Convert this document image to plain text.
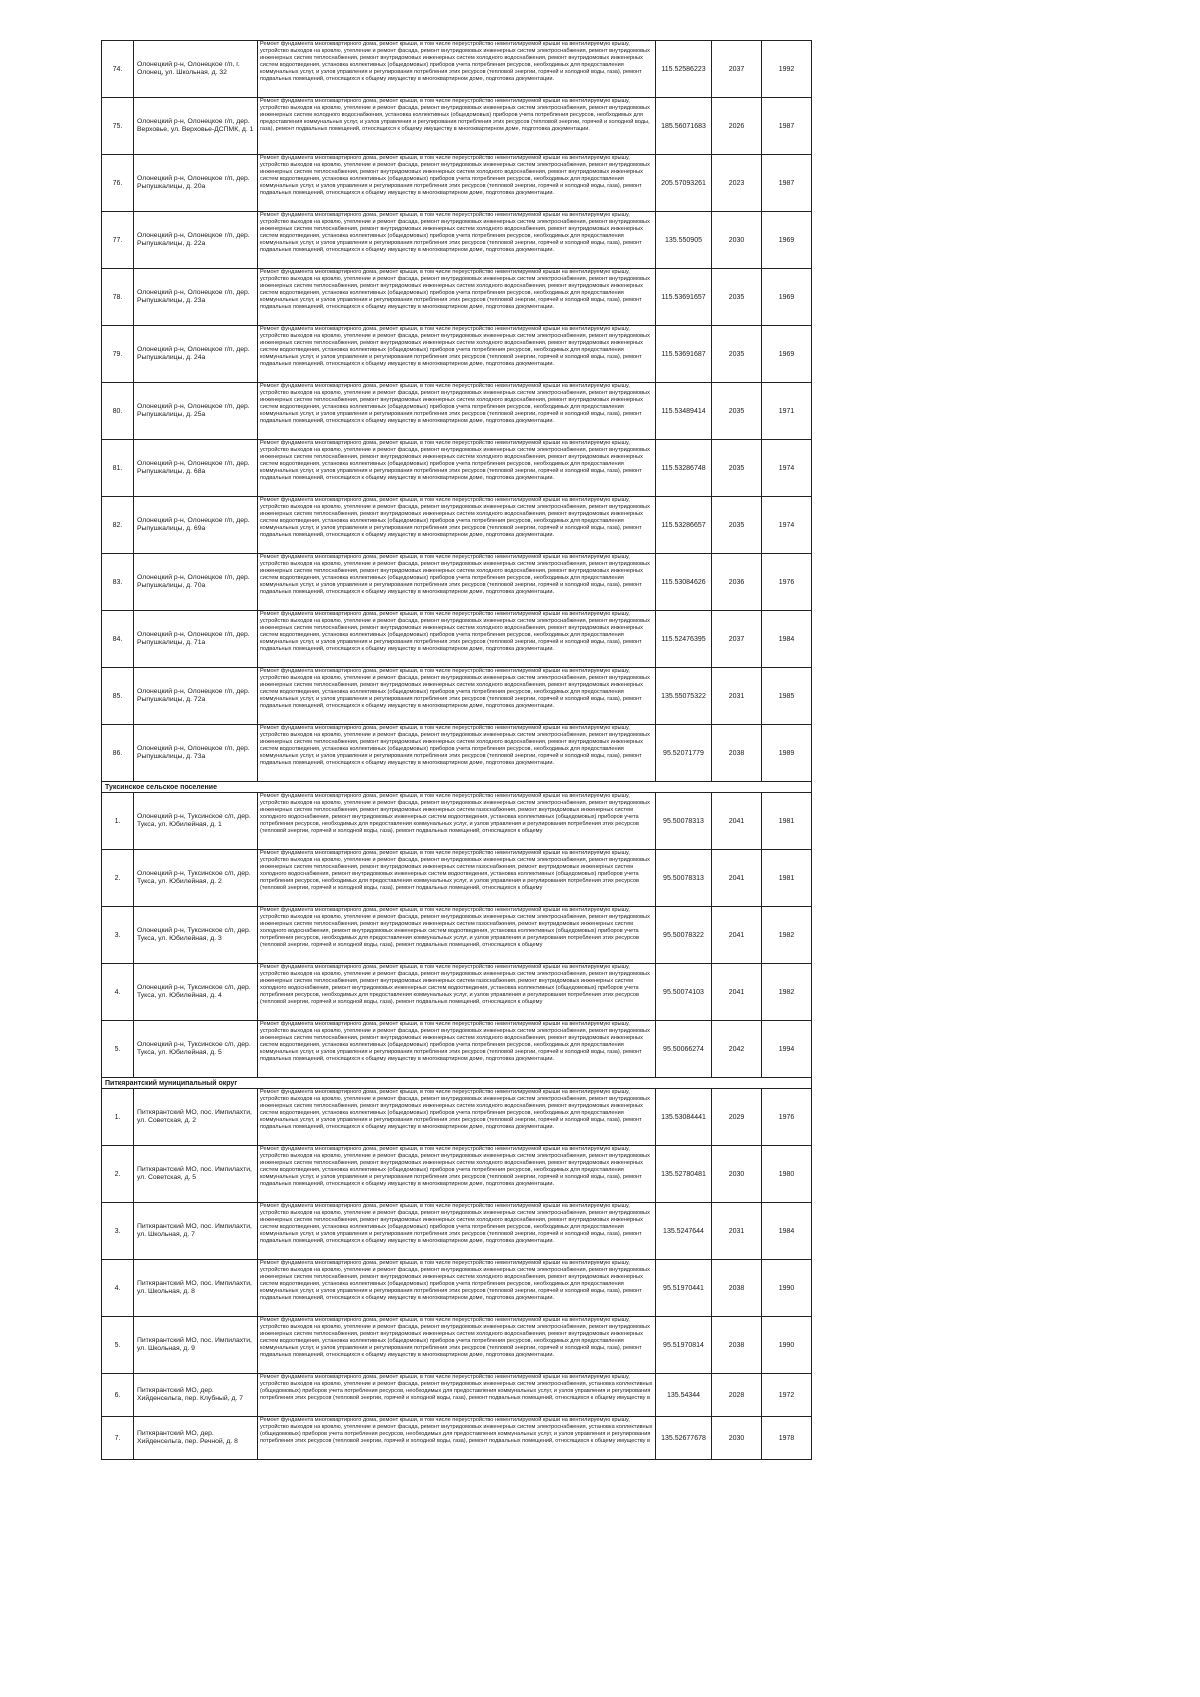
74.	Олонецкий р-н, Олонецкое г/п, г. Олонец, ул. Школьная, д. 32	Ремонт фундамента многоквартирного дома, ремонт крыши, в том числе переустройство невентилируемой крыши на вентилируемую крышу, устройство выходов на кровлю, утепление и ремонт фасада, ремонт внутридомовых инженерных систем электроснабжения, ремонт внутридомовых инженерных систем теплоснабжения, ремонт внутридомовых инженерных систем холодного водоснабжения, ремонт внутридомовых инженерных систем водоотведения, установка коллективных (общедомовых) приборов учета потребления ресурсов, необходимых для предоставления коммунальных услуг, и узлов управления и регулирования потребления этих ресурсов (тепловой энергии, горячей и холодной воды, газа), ремонт подвальных помещений, относящихся к общему имуществу в многоквартирном доме, подготовка документации.	115.52586223	2037	1992
75.	Олонецкий р-н, Олонецкое г/п, дер. Верховье, ул. Верховье-ДСПМК, д. 1	Ремонт фундамента многоквартирного дома, ремонт крыши, в том числе переустройство невентилируемой крыши на вентилируемую крышу, устройство выходов на кровлю, утепление и ремонт фасада, ремонт внутридомовых инженерных систем электроснабжения, ремонт внутридомовых инженерных систем холодного водоснабжения, установка коллективных (общедомовых) приборов учета потребления ресурсов, необходимых для предоставления коммунальных услуг, и узлов управления и регулирования потребления этих ресурсов (тепловой энергии, горячей и холодной воды, газа), ремонт подвальных помещений, относящихся к общему имуществу в многоквартирном доме, подготовка документации.	185.56071683	2026	1987
76.	Олонецкий р-н, Олонецкое г/п, дер. Рыпушкалицы, д. 20а	Ремонт фундамента многоквартирного дома, ремонт крыши, в том числе переустройство невентилируемой крыши на вентилируемую крышу, устройство выходов на кровлю, утепление и ремонт фасада, ремонт внутридомовых инженерных систем электроснабжения, ремонт внутридомовых инженерных систем теплоснабжения, ремонт внутридомовых инженерных систем холодного водоснабжения, ремонт внутридомовых инженерных систем водоотведения, установка коллективных (общедомовых) приборов учета потребления ресурсов, необходимых для предоставления коммунальных услуг, и узлов управления и регулирования потребления этих ресурсов (тепловой энергии, горячей и холодной воды, газа), ремонт подвальных помещений, относящихся к общему имуществу в многоквартирном доме, подготовка документации.	205.57093261	2023	1987
77.	Олонецкий р-н, Олонецкое г/п, дер. Рыпушкалицы, д. 22а	Ремонт фундамента многоквартирного дома, ремонт крыши, в том числе переустройство невентилируемой крыши на вентилируемую крышу, устройство выходов на кровлю, утепление и ремонт фасада, ремонт внутридомовых инженерных систем электроснабжения, ремонт внутридомовых инженерных систем теплоснабжения, ремонт внутридомовых инженерных систем холодного водоснабжения, ремонт внутридомовых инженерных систем водоотведения, установка коллективных (общедомовых) приборов учета потребления ресурсов, необходимых для предоставления коммунальных услуг, и узлов управления и регулирования потребления этих ресурсов (тепловой энергии, горячей и холодной воды, газа), ремонт подвальных помещений, относящихся к общему имуществу в многоквартирном доме, подготовка документации.	135.550905	2030	1969
78.	Олонецкий р-н, Олонецкое г/п, дер. Рыпушкалицы, д. 23а	Ремонт фундамента многоквартирного дома, ремонт крыши, в том числе переустройство невентилируемой крыши на вентилируемую крышу, устройство выходов на кровлю, утепление и ремонт фасада, ремонт внутридомовых инженерных систем электроснабжения, ремонт внутридомовых инженерных систем теплоснабжения, ремонт внутридомовых инженерных систем холодного водоснабжения, ремонт внутридомовых инженерных систем водоотведения, установка коллективных (общедомовых) приборов учета потребления ресурсов, необходимых для предоставления коммунальных услуг, и узлов управления и регулирования потребления этих ресурсов (тепловой энергии, горячей и холодной воды, газа), ремонт подвальных помещений, относящихся к общему имуществу в многоквартирном доме, подготовка документации.	115.53691657	2035	1969
79.	Олонецкий р-н, Олонецкое г/п, дер. Рыпушкалицы, д. 24а	Ремонт фундамента многоквартирного дома, ремонт крыши, в том числе переустройство невентилируемой крыши на вентилируемую крышу, устройство выходов на кровлю, утепление и ремонт фасада, ремонт внутридомовых инженерных систем электроснабжения, ремонт внутридомовых инженерных систем теплоснабжения, ремонт внутридомовых инженерных систем холодного водоснабжения, ремонт внутридомовых инженерных систем водоотведения, установка коллективных (общедомовых) приборов учета потребления ресурсов, необходимых для предоставления коммунальных услуг, и узлов управления и регулирования потребления этих ресурсов (тепловой энергии, горячей и холодной воды, газа), ремонт подвальных помещений, относящихся к общему имуществу в многоквартирном доме, подготовка документации.	115.53691687	2035	1969
80.	Олонецкий р-н, Олонецкое г/п, дер. Рыпушкалицы, д. 25а	Ремонт фундамента многоквартирного дома, ремонт крыши, в том числе переустройство невентилируемой крыши на вентилируемую крышу, устройство выходов на кровлю, утепление и ремонт фасада, ремонт внутридомовых инженерных систем электроснабжения, ремонт внутридомовых инженерных систем теплоснабжения, ремонт внутридомовых инженерных систем холодного водоснабжения, ремонт внутридомовых инженерных систем водоотведения, установка коллективных (общедомовых) приборов учета потребления ресурсов, необходимых для предоставления коммунальных услуг, и узлов управления и регулирования потребления этих ресурсов (тепловой энергии, горячей и холодной воды, газа), ремонт подвальных помещений, относящихся к общему имуществу в многоквартирном доме, подготовка документации.	115.53489414	2035	1971
81.	Олонецкий р-н, Олонецкое г/п, дер. Рыпушкалицы, д. 68а	Ремонт фундамента многоквартирного дома, ремонт крыши, в том числе переустройство невентилируемой крыши на вентилируемую крышу, устройство выходов на кровлю, утепление и ремонт фасада, ремонт внутридомовых инженерных систем электроснабжения, ремонт внутридомовых инженерных систем теплоснабжения, ремонт внутридомовых инженерных систем холодного водоснабжения, ремонт внутридомовых инженерных систем водоотведения, установка коллективных (общедомовых) приборов учета потребления ресурсов, необходимых для предоставления коммунальных услуг, и узлов управления и регулирования потребления этих ресурсов (тепловой энергии, горячей и холодной воды, газа), ремонт подвальных помещений, относящихся к общему имуществу в многоквартирном доме, подготовка документации.	115.53286748	2035	1974
82.	Олонецкий р-н, Олонецкое г/п, дер. Рыпушкалицы, д. 69а	Ремонт фундамента многоквартирного дома, ремонт крыши, в том числе переустройство невентилируемой крыши на вентилируемую крышу, устройство выходов на кровлю, утепление и ремонт фасада, ремонт внутридомовых инженерных систем электроснабжения, ремонт внутридомовых инженерных систем теплоснабжения, ремонт внутридомовых инженерных систем холодного водоснабжения, ремонт внутридомовых инженерных систем водоотведения, установка коллективных (общедомовых) приборов учета потребления ресурсов, необходимых для предоставления коммунальных услуг, и узлов управления и регулирования потребления этих ресурсов (тепловой энергии, горячей и холодной воды, газа), ремонт подвальных помещений, относящихся к общему имуществу в многоквартирном доме, подготовка документации.	115.53286657	2035	1974
83.	Олонецкий р-н, Олонецкое г/п, дер. Рыпушкалицы, д. 70а	Ремонт фундамента многоквартирного дома, ремонт крыши, в том числе переустройство невентилируемой крыши на вентилируемую крышу, устройство выходов на кровлю, утепление и ремонт фасада, ремонт внутридомовых инженерных систем электроснабжения, ремонт внутридомовых инженерных систем теплоснабжения, ремонт внутридомовых инженерных систем холодного водоснабжения, ремонт внутридомовых инженерных систем водоотведения, установка коллективных (общедомовых) приборов учета потребления ресурсов, необходимых для предоставления коммунальных услуг, и узлов управления и регулирования потребления этих ресурсов (тепловой энергии, горячей и холодной воды, газа), ремонт подвальных помещений, относящихся к общему имуществу в многоквартирном доме, подготовка документации.	115.53084626	2036	1976
84.	Олонецкий р-н, Олонецкое г/п, дер. Рыпушкалицы, д. 71а	Ремонт фундамента многоквартирного дома, ремонт крыши, в том числе переустройство невентилируемой крыши на вентилируемую крышу, устройство выходов на кровлю, утепление и ремонт фасада, ремонт внутридомовых инженерных систем электроснабжения, ремонт внутридомовых инженерных систем теплоснабжения, ремонт внутридомовых инженерных систем холодного водоснабжения, ремонт внутридомовых инженерных систем водоотведения, установка коллективных (общедомовых) приборов учета потребления ресурсов, необходимых для предоставления коммунальных услуг, и узлов управления и регулирования потребления этих ресурсов (тепловой энергии, горячей и холодной воды, газа), ремонт подвальных помещений, относящихся к общему имуществу в многоквартирном доме, подготовка документации.	115.52476395	2037	1984
85.	Олонецкий р-н, Олонецкое г/п, дер. Рыпушкалицы, д. 72а	Ремонт фундамента многоквартирного дома, ремонт крыши, в том числе переустройство невентилируемой крыши на вентилируемую крышу, устройство выходов на кровлю, утепление и ремонт фасада, ремонт внутридомовых инженерных систем электроснабжения, ремонт внутридомовых инженерных систем теплоснабжения, ремонт внутридомовых инженерных систем холодного водоснабжения, ремонт внутридомовых инженерных систем водоотведения, установка коллективных (общедомовых) приборов учета потребления ресурсов, необходимых для предоставления коммунальных услуг, и узлов управления и регулирования потребления этих ресурсов (тепловой энергии, горячей и холодной воды, газа), ремонт подвальных помещений, относящихся к общему имуществу в многоквартирном доме, подготовка документации.	135.55075322	2031	1985
86.	Олонецкий р-н, Олонецкое г/п, дер. Рыпушкалицы, д. 73а	Ремонт фундамента многоквартирного дома, ремонт крыши, в том числе переустройство невентилируемой крыши на вентилируемую крышу, устройство выходов на кровлю, утепление и ремонт фасада, ремонт внутридомовых инженерных систем электроснабжения, ремонт внутридомовых инженерных систем теплоснабжения, ремонт внутридомовых инженерных систем холодного водоснабжения, ремонт внутридомовых инженерных систем водоотведения, установка коллективных (общедомовых) приборов учета потребления ресурсов, необходимых для предоставления коммунальных услуг, и узлов управления и регулирования потребления этих ресурсов (тепловой энергии, горячей и холодной воды, газа), ремонт подвальных помещений, относящихся к общему имуществу в многоквартирном доме, подготовка документации.	95.52071779	2038	1989
Туксинское сельское поселение					
1.	Олонецкий р-н, Туксинское с/п, дер. Тукса, ул. Юбилейная, д. 1	Ремонт фундамента многоквартирного дома, ремонт крыши, в том числе переустройство невентилируемой крыши на вентилируемую крышу, устройство выходов на кровлю, утепление и ремонт фасада, ремонт внутридомовых инженерных систем электроснабжения, ремонт внутридомовых инженерных систем теплоснабжения, ремонт внутридомовых инженерных систем газоснабжения, ремонт внутридомовых инженерных систем холодного водоснабжения, ремонт внутридомовых инженерных систем водоотведения, установка коллективных (общедомовых) приборов учета потребления ресурсов, необходимых для предоставления коммунальных услуг, и узлов управления и регулирования потребления этих ресурсов (тепловой энергии, горячей и холодной воды, газа), ремонт подвальных помещений, относящихся к общему	95.50078313	2041	1981
2.	Олонецкий р-н, Туксинское с/п, дер. Тукса, ул. Юбилейная, д. 2	Ремонт фундамента многоквартирного дома, ремонт крыши, в том числе переустройство невентилируемой крыши на вентилируемую крышу, устройство выходов на кровлю, утепление и ремонт фасада, ремонт внутридомовых инженерных систем электроснабжения, ремонт внутридомовых инженерных систем теплоснабжения, ремонт внутридомовых инженерных систем газоснабжения, ремонт внутридомовых инженерных систем холодного водоснабжения, ремонт внутридомовых инженерных систем водоотведения, установка коллективных (общедомовых) приборов учета потребления ресурсов, необходимых для предоставления коммунальных услуг, и узлов управления и регулирования потребления этих ресурсов (тепловой энергии, горячей и холодной воды, газа), ремонт подвальных помещений, относящихся к общему	95.50078313	2041	1981
3.	Олонецкий р-н, Туксинское с/п, дер. Тукса, ул. Юбилейная, д. 3	Ремонт фундамента многоквартирного дома, ремонт крыши, в том числе переустройство невентилируемой крыши на вентилируемую крышу, устройство выходов на кровлю, утепление и ремонт фасада, ремонт внутридомовых инженерных систем электроснабжения, ремонт внутридомовых инженерных систем теплоснабжения, ремонт внутридомовых инженерных систем газоснабжения, ремонт внутридомовых инженерных систем холодного водоснабжения, ремонт внутридомовых инженерных систем водоотведения, установка коллективных (общедомовых) приборов учета потребления ресурсов, необходимых для предоставления коммунальных услуг, и узлов управления и регулирования потребления этих ресурсов (тепловой энергии, горячей и холодной воды, газа), ремонт подвальных помещений, относящихся к общему	95.50078322	2041	1982
4.	Олонецкий р-н, Туксинское с/п, дер. Тукса, ул. Юбилейная, д. 4	Ремонт фундамента многоквартирного дома, ремонт крыши, в том числе переустройство невентилируемой крыши на вентилируемую крышу, устройство выходов на кровлю, утепление и ремонт фасада, ремонт внутридомовых инженерных систем электроснабжения, ремонт внутридомовых инженерных систем теплоснабжения, ремонт внутридомовых инженерных систем газоснабжения, ремонт внутридомовых инженерных систем холодного водоснабжения, ремонт внутридомовых инженерных систем водоотведения, установка коллективных (общедомовых) приборов учета потребления ресурсов, необходимых для предоставления коммунальных услуг, и узлов управления и регулирования потребления этих ресурсов (тепловой энергии, горячей и холодной воды, газа), ремонт подвальных помещений, относящихся к общему	95.50074103	2041	1982
5.	Олонецкий р-н, Туксинское с/п, дер. Тукса, ул. Юбилейная, д. 5	Ремонт фундамента многоквартирного дома, ремонт крыши, в том числе переустройство невентилируемой крыши на вентилируемую крышу, устройство выходов на кровлю, утепление и ремонт фасада, ремонт внутридомовых инженерных систем электроснабжения, ремонт внутридомовых инженерных систем теплоснабжения, ремонт внутридомовых инженерных систем холодного водоснабжения, ремонт внутридомовых инженерных систем водоотведения, установка коллективных (общедомовых) приборов учета потребления ресурсов, необходимых для предоставления коммунальных услуг, и узлов управления и регулирования потребления этих ресурсов (тепловой энергии, горячей и холодной воды, газа), ремонт подвальных помещений, относящихся к общему имуществу в многоквартирном доме, подготовка документации.	95.50066274	2042	1994
Питкярантский муниципальный округ					
1.	Питкярантский МО, пос. Импилахти, ул. Советская, д. 2	Ремонт фундамента многоквартирного дома, ремонт крыши, в том числе переустройство невентилируемой крыши на вентилируемую крышу, устройство выходов на кровлю, утепление и ремонт фасада, ремонт внутридомовых инженерных систем электроснабжения, ремонт внутридомовых инженерных систем теплоснабжения, ремонт внутридомовых инженерных систем холодного водоснабжения, ремонт внутридомовых инженерных систем водоотведения, установка коллективных (общедомовых) приборов учета потребления ресурсов, необходимых для предоставления коммунальных услуг, и узлов управления и регулирования потребления этих ресурсов (тепловой энергии, горячей и холодной воды, газа), ремонт подвальных помещений, относящихся к общему имуществу в многоквартирном доме, подготовка документации.	135.53084441	2029	1976
2.	Питкярантский МО, пос. Импилахти, ул. Советская, д. 5	Ремонт фундамента многоквартирного дома, ремонт крыши, в том числе переустройство невентилируемой крыши на вентилируемую крышу, устройство выходов на кровлю, утепление и ремонт фасада, ремонт внутридомовых инженерных систем электроснабжения, ремонт внутридомовых инженерных систем теплоснабжения, ремонт внутридомовых инженерных систем холодного водоснабжения, ремонт внутридомовых инженерных систем водоотведения, установка коллективных (общедомовых) приборов учета потребления ресурсов, необходимых для предоставления коммунальных услуг, и узлов управления и регулирования потребления этих ресурсов (тепловой энергии, горячей и холодной воды, газа), ремонт подвальных помещений, относящихся к общему имуществу в многоквартирном доме, подготовка документации.	135.52780481	2030	1980
3.	Питкярантский МО, пос. Импилахти, ул. Школьная, д. 7	Ремонт фундамента многоквартирного дома, ремонт крыши, в том числе переустройство невентилируемой крыши на вентилируемую крышу, устройство выходов на кровлю, утепление и ремонт фасада, ремонт внутридомовых инженерных систем электроснабжения, ремонт внутридомовых инженерных систем теплоснабжения, ремонт внутридомовых инженерных систем холодного водоснабжения, ремонт внутридомовых инженерных систем водоотведения, установка коллективных (общедомовых) приборов учета потребления ресурсов, необходимых для предоставления коммунальных услуг, и узлов управления и регулирования потребления этих ресурсов (тепловой энергии, горячей и холодной воды, газа), ремонт подвальных помещений, относящихся к общему имуществу в многоквартирном доме, подготовка документации.	135.5247644	2031	1984
4.	Питкярантский МО, пос. Импилахти, ул. Школьная, д. 8	Ремонт фундамента многоквартирного дома, ремонт крыши, в том числе переустройство невентилируемой крыши на вентилируемую крышу, устройство выходов на кровлю, утепление и ремонт фасада, ремонт внутридомовых инженерных систем электроснабжения, ремонт внутридомовых инженерных систем теплоснабжения, ремонт внутридомовых инженерных систем холодного водоснабжения, ремонт внутридомовых инженерных систем водоотведения, установка коллективных (общедомовых) приборов учета потребления ресурсов, необходимых для предоставления коммунальных услуг, и узлов управления и регулирования потребления этих ресурсов (тепловой энергии, горячей и холодной воды, газа), ремонт подвальных помещений, относящихся к общему имуществу в многоквартирном доме, подготовка документации.	95.51970441	2038	1990
5.	Питкярантский МО, пос. Импилахти, ул. Школьная, д. 9	Ремонт фундамента многоквартирного дома, ремонт крыши, в том числе переустройство невентилируемой крыши на вентилируемую крышу, устройство выходов на кровлю, утепление и ремонт фасада, ремонт внутридомовых инженерных систем электроснабжения, ремонт внутридомовых инженерных систем теплоснабжения, ремонт внутридомовых инженерных систем холодного водоснабжения, ремонт внутридомовых инженерных систем водоотведения, установка коллективных (общедомовых) приборов учета потребления ресурсов, необходимых для предоставления коммунальных услуг, и узлов управления и регулирования потребления этих ресурсов (тепловой энергии, горячей и холодной воды, газа), ремонт подвальных помещений, относящихся к общему имуществу в многоквартирном доме, подготовка документации.	95.51970814	2038	1990
6.	Питкярантский МО, дер. Хийденсельга, пер. Клубный, д. 7	Ремонт фундамента многоквартирного дома, ремонт крыши, в том числе переустройство невентилируемой крыши на вентилируемую крышу, устройство выходов на кровлю, утепление и ремонт фасада, ремонт внутридомовых инженерных систем электроснабжения, установка коллективных (общедомовых) приборов учета потребления ресурсов, необходимых для предоставления коммунальных услуг, и узлов управления и регулирования потребления этих ресурсов (тепловой энергии, горячей и холодной воды, газа), ремонт подвальных помещений, относящихся к общему имуществу в	135.54344	2028	1972
7.	Питкярантский МО, дер. Хийденсельга, пер. Речной, д. 8	Ремонт фундамента многоквартирного дома, ремонт крыши, в том числе переустройство невентилируемой крыши на вентилируемую крышу, устройство выходов на кровлю, утепление и ремонт фасада, ремонт внутридомовых инженерных систем электроснабжения, установка коллективных (общедомовых) приборов учета потребления ресурсов, необходимых для предоставления коммунальных услуг, и узлов управления и регулирования потребления этих ресурсов (тепловой энергии, горячей и холодной воды, газа), ремонт подвальных помещений, относящихся к общему имуществу в	135.52677678	2030	1978
